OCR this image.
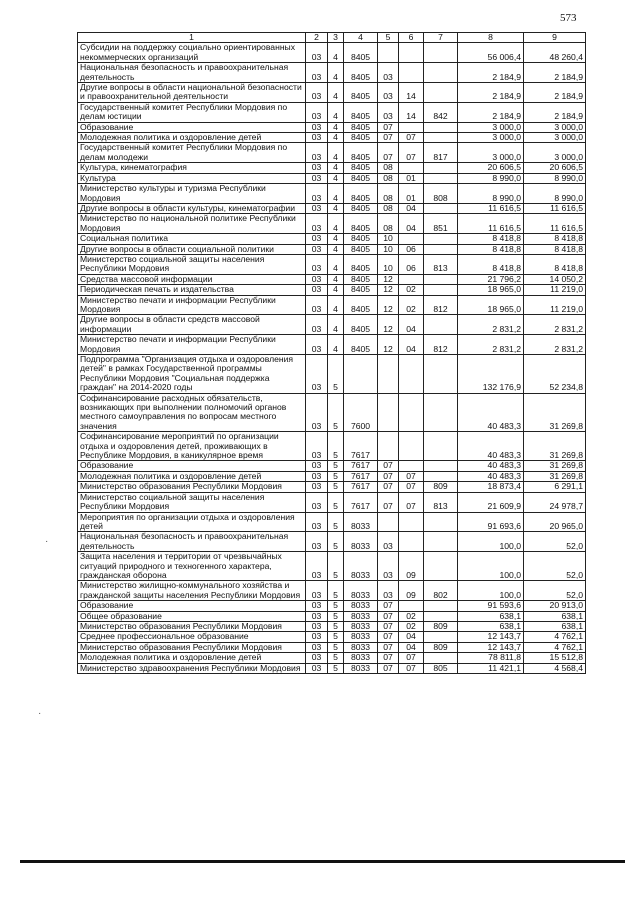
573
1	2	3	4	5	6	7	8	9
Субсидии на поддержку социально ориентированных некоммерческих организаций	03	4	8405				56 006,4	48 260,4
Национальная безопасность и правоохранительная деятельность	03	4	8405	03			2 184,9	2 184,9
Другие вопросы в области национальной безопасности и правоохранительной деятельности	03	4	8405	03	14		2 184,9	2 184,9
Государственный комитет Республики Мордовия по делам юстиции	03	4	8405	03	14	842	2 184,9	2 184,9
Образование	03	4	8405	07			3 000,0	3 000,0
Молодежная политика и оздоровление детей	03	4	8405	07	07		3 000,0	3 000,0
Государственный комитет Республики Мордовия по делам молодежи	03	4	8405	07	07	817	3 000,0	3 000,0
Культура, кинематография	03	4	8405	08			20 606,5	20 606,5
Культура	03	4	8405	08	01		8 990,0	8 990,0
Министерство культуры и туризма Республики Мордовия	03	4	8405	08	01	808	8 990,0	8 990,0
Другие вопросы в области культуры, кинематографии	03	4	8405	08	04		11 616,5	11 616,5
Министерство по национальной политике Республики Мордовия	03	4	8405	08	04	851	11 616,5	11 616,5
Социальная политика	03	4	8405	10			8 418,8	8 418,8
Другие вопросы в области социальной политики	03	4	8405	10	06		8 418,8	8 418,8
Министерство социальной защиты населения Республики Мордовия	03	4	8405	10	06	813	8 418,8	8 418,8
Средства массовой информации	03	4	8405	12			21 796,2	14 050,2
Периодическая печать и издательства	03	4	8405	12	02		18 965,0	11 219,0
Министерство печати и информации Республики Мордовия	03	4	8405	12	02	812	18 965,0	11 219,0
Другие вопросы в области средств массовой информации	03	4	8405	12	04		2 831,2	2 831,2
Министерство печати и информации Республики Мордовия	03	4	8405	12	04	812	2 831,2	2 831,2
Подпрограмма "Организация отдыха и оздоровления детей" в рамках Государственной программы Республики Мордовия "Социальная поддержка граждан" на 2014-2020 годы	03	5					132 176,9	52 234,8
Софинансирование расходных обязательств, возникающих при выполнении полномочий органов местного самоуправления по вопросам местного значения	03	5	7600				40 483,3	31 269,8
Софинансирование мероприятий по организации отдыха и оздоровления детей, проживающих в Республике Мордовия, в каникулярное время	03	5	7617				40 483,3	31 269,8
Образование	03	5	7617	07			40 483,3	31 269,8
Молодежная политика и оздоровление детей	03	5	7617	07	07		40 483,3	31 269,8
Министерство образования Республики Мордовия	03	5	7617	07	07	809	18 873,4	6 291,1
Министерство социальной защиты населения Республики Мордовия	03	5	7617	07	07	813	21 609,9	24 978,7
Мероприятия по организации отдыха и оздоровления детей	03	5	8033				91 693,6	20 965,0
Национальная безопасность и правоохранительная деятельность	03	5	8033	03			100,0	52,0
Защита населения и территории от чрезвычайных ситуаций природного и техногенного характера, гражданская оборона	03	5	8033	03	09		100,0	52,0
Министерство жилищно-коммунального хозяйства и гражданской защиты населения Республики Мордовия	03	5	8033	03	09	802	100,0	52,0
Образование	03	5	8033	07			91 593,6	20 913,0
Общее образование	03	5	8033	07	02		638,1	638,1
Министерство образования Республики Мордовия	03	5	8033	07	02	809	638,1	638,1
Среднее профессиональное образование	03	5	8033	07	04		12 143,7	4 762,1
Министерство образования Республики Мордовия	03	5	8033	07	04	809	12 143,7	4 762,1
Молодежная политика и оздоровление детей	03	5	8033	07	07		78 811,8	15 512,8
Министерство здравоохранения Республики Мордовия	03	5	8033	07	07	805	11 421,1	4 568,4
·
·
